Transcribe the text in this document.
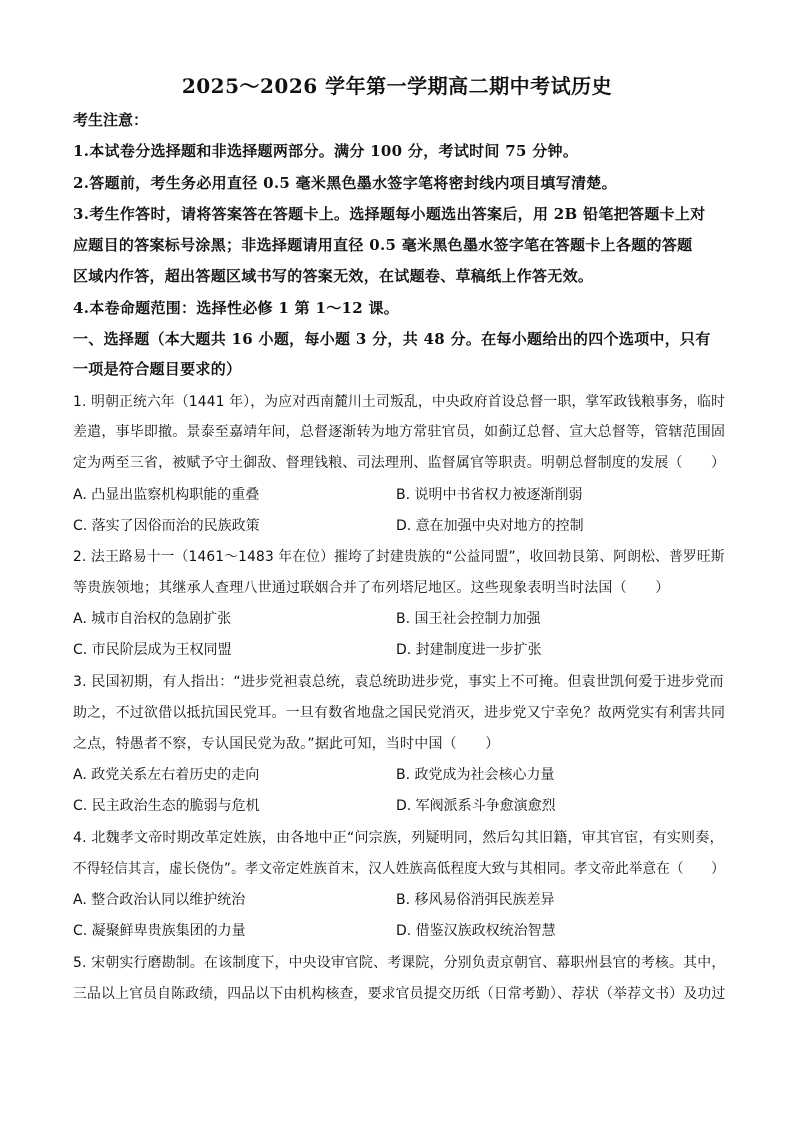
2025～2026 学年第一学期高二期中考试历史
考生注意：
1.本试卷分选择题和非选择题两部分。满分 100 分，考试时间 75 分钟。
2.答题前，考生务必用直径 0.5 毫米黑色墨水签字笔将密封线内项目填写清楚。
3.考生作答时，请将答案答在答题卡上。选择题每小题选出答案后，用 2B 铅笔把答题卡上对
应题目的答案标号涂黑；非选择题请用直径 0.5 毫米黑色墨水签字笔在答题卡上各题的答题
区域内作答，超出答题区域书写的答案无效，在试题卷、草稿纸上作答无效。
4.本卷命题范围：选择性必修 1 第 1～12 课。
一、选择题（本大题共 16 小题，每小题 3 分，共 48 分。在每小题给出的四个选项中，只有
一项是符合题目要求的）
1. 明朝正统六年（1441 年），为应对西南麓川土司叛乱，中央政府首设总督一职，掌军政钱粮事务，临时
差遣，事毕即撤。景泰至嘉靖年间，总督逐渐转为地方常驻官员，如蓟辽总督、宣大总督等，管辖范围固
定为两至三省，被赋予守土御敌、督理钱粮、司法理刑、监督属官等职责。明朝总督制度的发展（　　）
A. 凸显出监察机构职能的重叠	B. 说明中书省权力被逐渐削弱
C. 落实了因俗而治的民族政策	D. 意在加强中央对地方的控制
2. 法王路易十一（1461～1483 年在位）摧垮了封建贵族的“公益同盟”，收回勃艮第、阿朗松、普罗旺斯
等贵族领地；其继承人查理八世通过联姻合并了布列塔尼地区。这些现象表明当时法国（　　）
A. 城市自治权的急剧扩张	B. 国王社会控制力加强
C. 市民阶层成为王权同盟	D. 封建制度进一步扩张
3. 民国初期，有人指出：“进步党袒袁总统，袁总统助进步党，事实上不可掩。但袁世凯何爱于进步党而
助之，不过欲借以抵抗国民党耳。一旦有数省地盘之国民党消灭，进步党又宁幸免？故两党实有利害共同
之点，特愚者不察，专认国民党为敌。”据此可知，当时中国（　　）
A. 政党关系左右着历史的走向	B. 政党成为社会核心力量
C. 民主政治生态的脆弱与危机	D. 军阀派系斗争愈演愈烈
4. 北魏孝文帝时期改革定姓族，由各地中正“问宗族，列疑明同，然后勾其旧籍，审其官宦，有实则奏，
不得轻信其言，虚长侥伪”。孝文帝定姓族首末，汉人姓族高低程度大致与其相同。孝文帝此举意在（　　）
A. 整合政治认同以维护统治	B. 移风易俗消弭民族差异
C. 凝聚鲜卑贵族集团的力量	D. 借鉴汉族政权统治智慧
5. 宋朝实行磨勘制。在该制度下，中央设审官院、考课院，分别负责京朝官、幕职州县官的考核。其中，
三品以上官员自陈政绩，四品以下由机构核查，要求官员提交历纸（日常考勤）、荐状（举荐文书）及功过
